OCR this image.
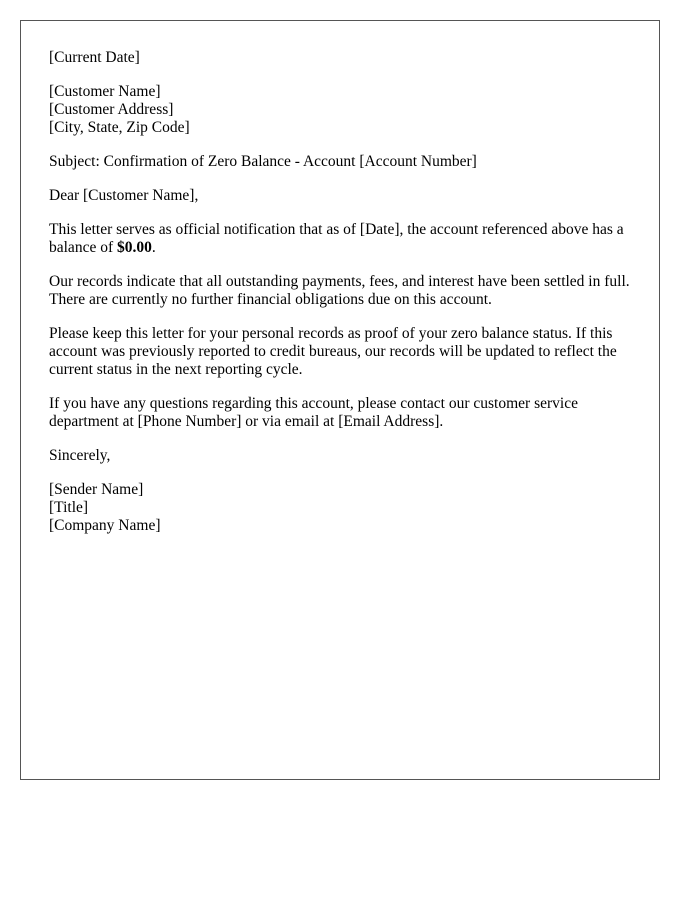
[Current Date]
[Customer Name]
[Customer Address]
[City, State, Zip Code]

Subject: Confirmation of Zero Balance - Account [Account Number]

Dear [Customer Name],

This letter serves as official notification that as of [Date], the account referenced above has a balance of $0.00.

Our records indicate that all outstanding payments, fees, and interest have been settled in full. There are currently no further financial obligations due on this account.

Please keep this letter for your personal records as proof of your zero balance status. If this account was previously reported to credit bureaus, our records will be updated to reflect the current status in the next reporting cycle.

If you have any questions regarding this account, please contact our customer service department at [Phone Number] or via email at [Email Address].

Sincerely,

[Sender Name]
[Title]
[Company Name]
